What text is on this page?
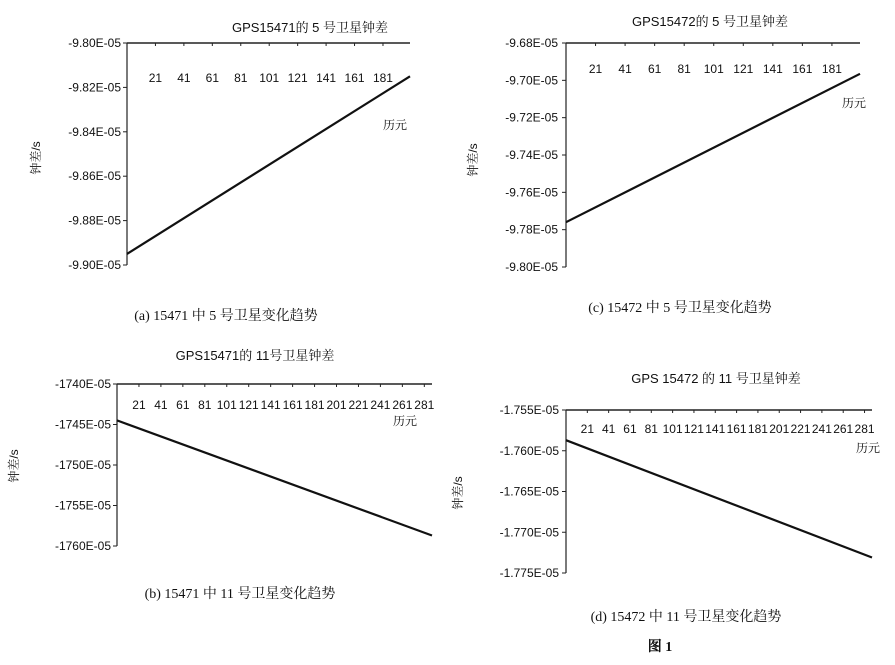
GPS15471的 5 号卫星钟差
-9.80E-05
-9.82E-05
-9.84E-05
-9.86E-05
-9.88E-05
-9.90E-05
21 41 61 81 101 121 141 161 181
历元
钟差/s
(a) 15471 中 5 号卫星变化趋势
GPS15472的 5 号卫星钟差
-9.68E-05
-9.70E-05
-9.72E-05
-9.74E-05
-9.76E-05
-9.78E-05
-9.80E-05
21 41 61 81 101 121 141 161 181
历元
钟差/s
(c) 15472 中 5 号卫星变化趋势
GPS15471的 11号卫星钟差
-1740E-05
-1745E-05
-1750E-05
-1755E-05
-1760E-05
21 41 61 81 101 121 141 161 181 201 221 241 261 281
历元
钟差/s
(b) 15471 中 11 号卫星变化趋势
GPS 15472 的 11 号卫星钟差
-1.755E-05
-1.760E-05
-1.765E-05
-1.770E-05
-1.775E-05
21 41 61 81 101 121 141 161 181 201 221 241 261 281
历元
钟差/s
(d) 15472 中 11 号卫星变化趋势
图 1
